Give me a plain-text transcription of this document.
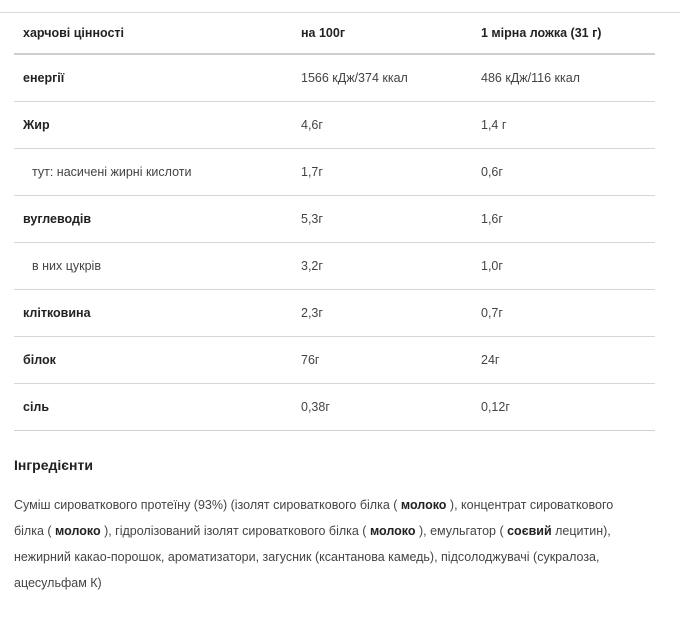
харчові цінності	на 100г	1 мірна ложка (31 г)
енергії	1566 кДж/374 ккал	486 кДж/116 ккал
Жир	4,6г	1,4 г
тут: насичені жирні кислоти	1,7г	0,6г
вуглеводів	5,3г	1,6г
в них цукрів	3,2г	1,0г
клітковина	2,3г	0,7г
білок	76г	24г
сіль	0,38г	0,12г
Інгредієнти

Суміш сироваткового протеїну (93%) (ізолят сироваткового білка ( молоко ), концентрат сироваткового білка ( молоко ), гідролізований ізолят сироваткового білка ( молоко ), емульгатор ( соєвий лецитин), нежирний какао-порошок, ароматизатори, загусник (ксантанова камедь), підсолоджувачі (сукралоза, ацесульфам К)
